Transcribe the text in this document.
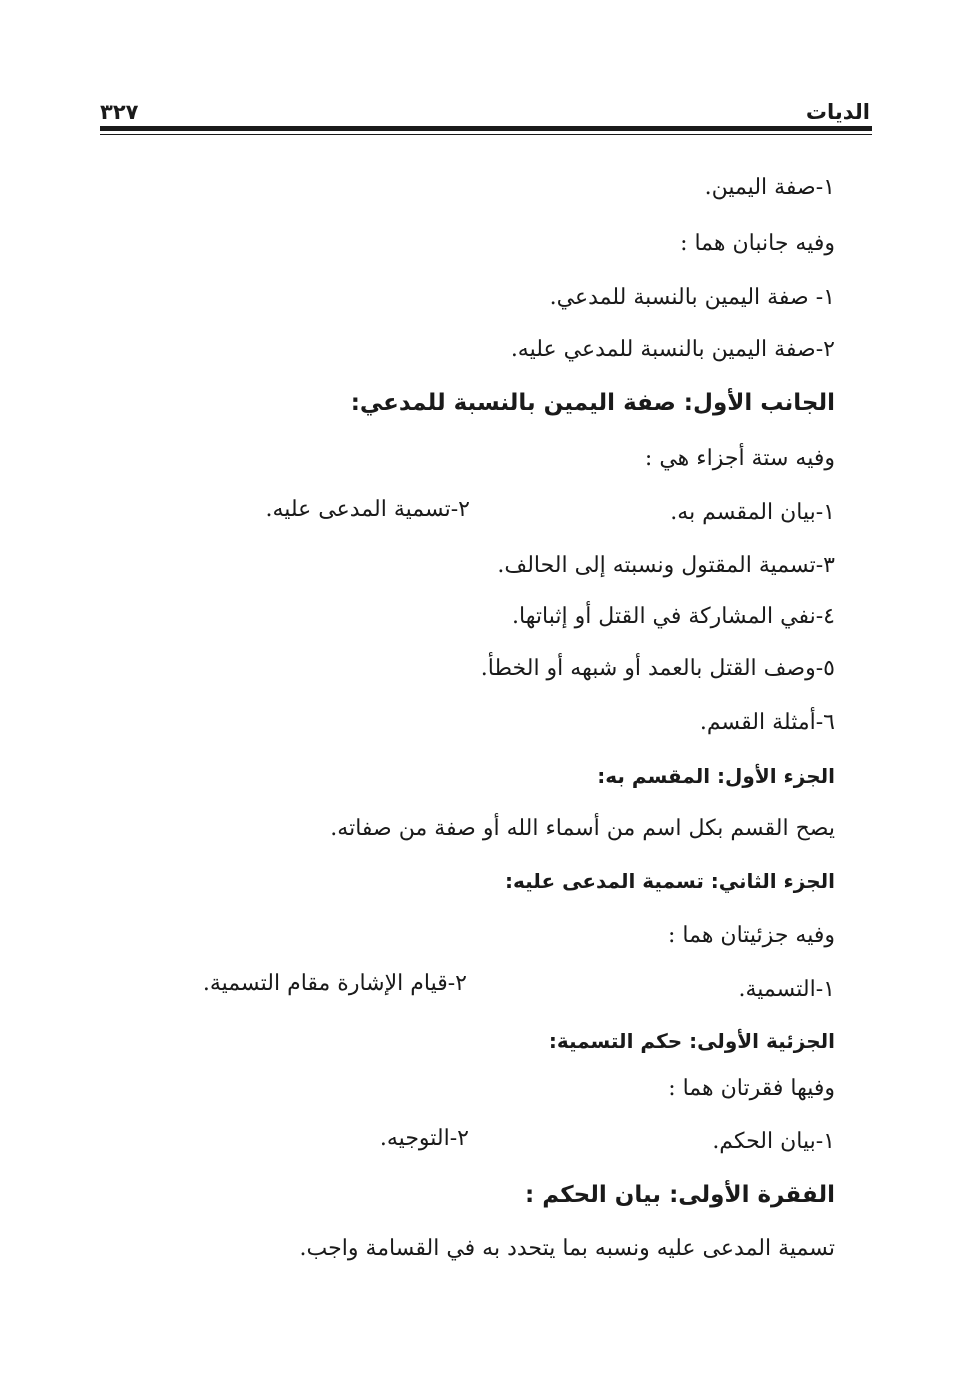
الديات
٣٢٧
١-صفة اليمين.
وفيه جانبان هما :
١- صفة اليمين بالنسبة للمدعي.
٢-صفة اليمين بالنسبة للمدعي عليه.
الجانب الأول: صفة اليمين بالنسبة للمدعي:
وفيه ستة أجزاء هي :
١-بيان المقسم به.
٢-تسمية المدعى عليه.
٣-تسمية المقتول ونسبته إلى الحالف.
٤-نفي المشاركة في القتل أو إثباتها.
٥-وصف القتل بالعمد أو شبهه أو الخطأ.
٦-أمثلة القسم.
الجزء الأول: المقسم به:
يصح القسم بكل اسم من أسماء الله أو صفة من صفاته.
الجزء الثاني: تسمية المدعى عليه:
وفيه جزئيتان هما :
١-التسمية.
٢-قيام الإشارة مقام التسمية.
الجزئية الأولى: حكم التسمية:
وفيها فقرتان هما :
١-بيان الحكم.
٢-التوجيه.
الفقرة الأولى: بيان الحكم :
تسمية المدعى عليه ونسبه بما يتحدد به في القسامة واجب.
